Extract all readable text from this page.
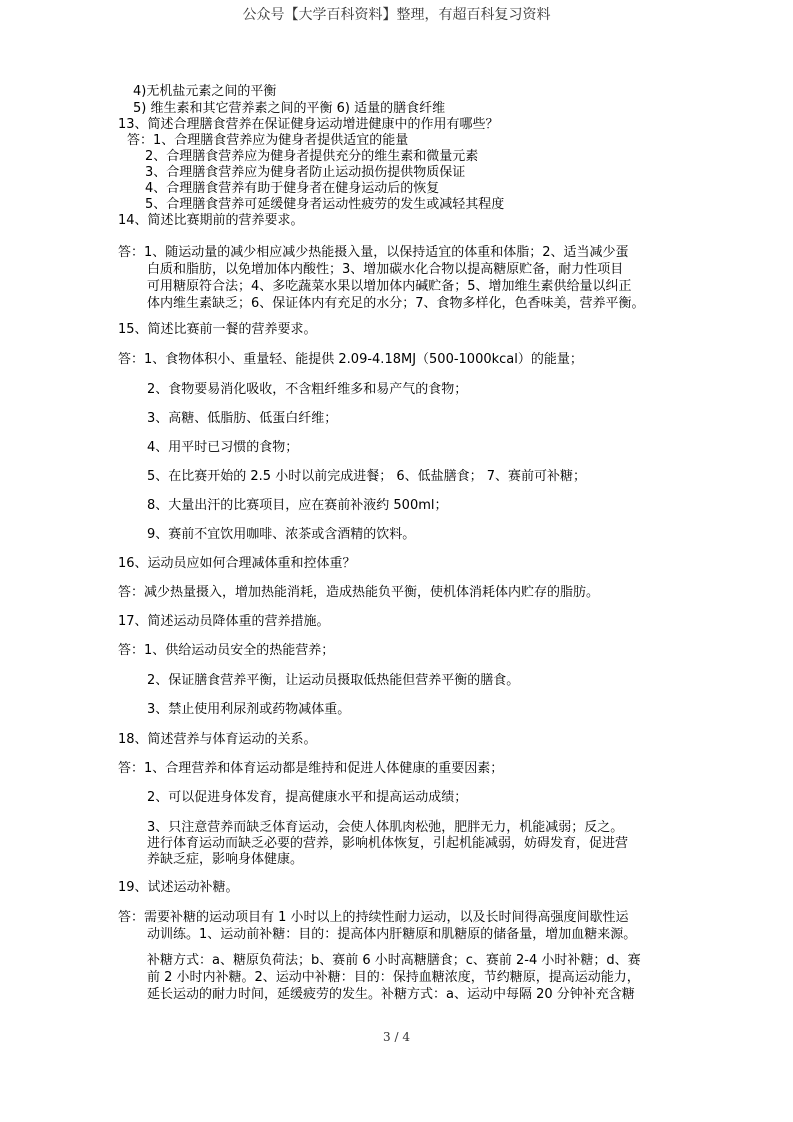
公众号【大学百科资料】整理，有超百科复习资料
4)无机盐元素之间的平衡
5) 维生素和其它营养素之间的平衡 6) 适量的膳食纤维
13、简述合理膳食营养在保证健身运动增进健康中的作用有哪些？
答：1、合理膳食营养应为健身者提供适宜的能量
2、合理膳食营养应为健身者提供充分的维生素和微量元素
3、合理膳食营养应为健身者防止运动损伤提供物质保证
4、合理膳食营养有助于健身者在健身运动后的恢复
5、合理膳食营养可延缓健身者运动性疲劳的发生或减轻其程度
14、简述比赛期前的营养要求。
答：1、随运动量的减少相应减少热能摄入量，以保持适宜的体重和体脂；2、适当减少蛋
白质和脂肪，以免增加体内酸性；3、增加碳水化合物以提高糖原贮备，耐力性项目
可用糖原符合法；4、多吃蔬菜水果以增加体内碱贮备；5、增加维生素供给量以纠正
体内维生素缺乏；6、保证体内有充足的水分；7、食物多样化，色香味美，营养平衡。
15、简述比赛前一餐的营养要求。
答：1、食物体积小、重量轻、能提供 2.09-4.18MJ（500-1000kcal）的能量；
2、食物要易消化吸收，不含粗纤维多和易产气的食物；
3、高糖、低脂肪、低蛋白纤维；
4、用平时已习惯的食物；
5、在比赛开始的 2.5 小时以前完成进餐； 6、低盐膳食； 7、赛前可补糖；
8、大量出汗的比赛项目，应在赛前补液约 500ml；
9、赛前不宜饮用咖啡、浓茶或含酒精的饮料。
16、运动员应如何合理减体重和控体重？
答：减少热量摄入，增加热能消耗，造成热能负平衡，使机体消耗体内贮存的脂肪。
17、简述运动员降体重的营养措施。
答：1、供给运动员安全的热能营养；
2、保证膳食营养平衡，让运动员摄取低热能但营养平衡的膳食。
3、禁止使用利尿剂或药物减体重。
18、简述营养与体育运动的关系。
答：1、合理营养和体育运动都是维持和促进人体健康的重要因素；
2、可以促进身体发育，提高健康水平和提高运动成绩；
3、只注意营养而缺乏体育运动，会使人体肌肉松弛，肥胖无力，机能减弱；反之。
进行体育运动而缺乏必要的营养，影响机体恢复，引起机能减弱，妨碍发育，促进营
养缺乏症，影响身体健康。
19、试述运动补糖。
答：需要补糖的运动项目有 1 小时以上的持续性耐力运动，以及长时间得高强度间歇性运
动训练。1、运动前补糖：目的：提高体内肝糖原和肌糖原的储备量，增加血糖来源。
补糖方式：a、糖原负荷法；b、赛前 6 小时高糖膳食；c、赛前 2-4 小时补糖；d、赛
前 2 小时内补糖。2、运动中补糖：目的：保持血糖浓度，节约糖原，提高运动能力，
延长运动的耐力时间，延缓疲劳的发生。补糖方式：a、运动中每隔 20 分钟补充含糖
3 / 4
